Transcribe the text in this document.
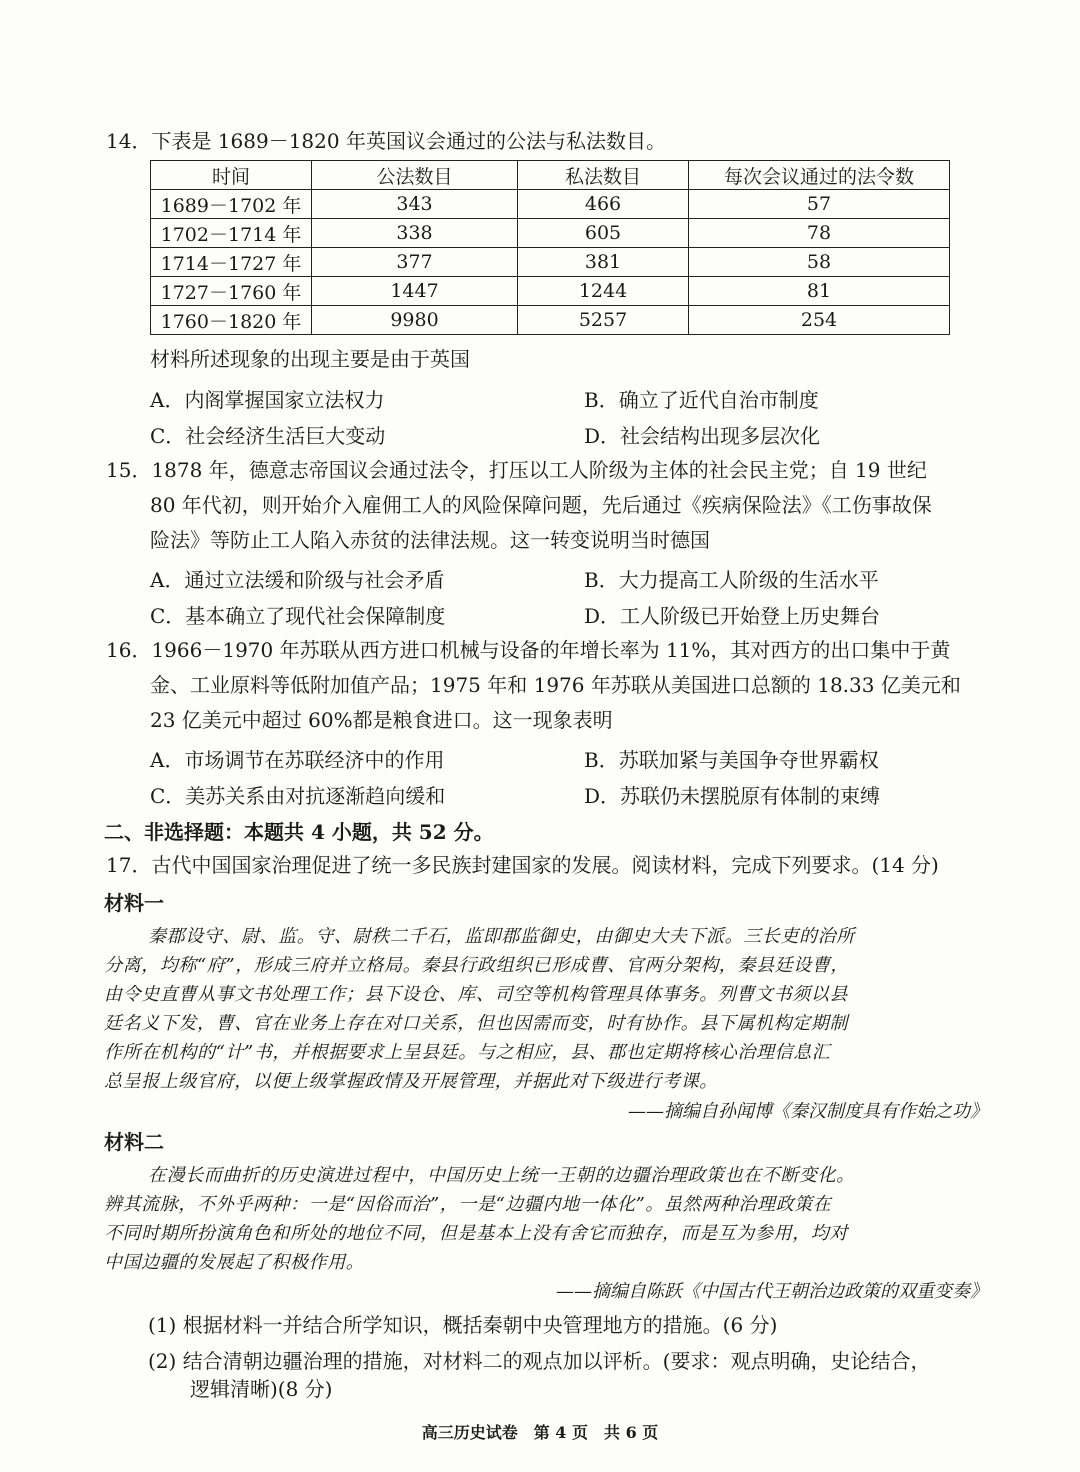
14．下表是 1689－1820 年英国议会通过的公法与私法数目。
时间	公法数目	私法数目	每次会议通过的法令数
1689－1702 年	343	466	57
1702－1714 年	338	605	78
1714－1727 年	377	381	58
1727－1760 年	1447	1244	81
1760－1820 年	9980	5257	254
材料所述现象的出现主要是由于英国
A．内阁掌握国家立法权力	B．确立了近代自治市制度
C．社会经济生活巨大变动	D．社会结构出现多层次化
15．1878 年，德意志帝国议会通过法令，打压以工人阶级为主体的社会民主党；自 19 世纪
80 年代初，则开始介入雇佣工人的风险保障问题，先后通过《疾病保险法》《工伤事故保
险法》等防止工人陷入赤贫的法律法规。这一转变说明当时德国
A．通过立法缓和阶级与社会矛盾	B．大力提高工人阶级的生活水平
C．基本确立了现代社会保障制度	D．工人阶级已开始登上历史舞台
16．1966－1970 年苏联从西方进口机械与设备的年增长率为 11%，其对西方的出口集中于黄
金、工业原料等低附加值产品；1975 年和 1976 年苏联从美国进口总额的 18.33 亿美元和
23 亿美元中超过 60%都是粮食进口。这一现象表明
A．市场调节在苏联经济中的作用	B．苏联加紧与美国争夺世界霸权
C．美苏关系由对抗逐渐趋向缓和	D．苏联仍未摆脱原有体制的束缚
二、非选择题：本题共 4 小题，共 52 分。
17．古代中国国家治理促进了统一多民族封建国家的发展。阅读材料，完成下列要求。(14 分)
材料一
秦郡设守、尉、监。守、尉秩二千石，监即郡监御史，由御史大夫下派。三长吏的治所
分离，均称“府”，形成三府并立格局。秦县行政组织已形成曹、官两分架构，秦县廷设曹，
由令史直曹从事文书处理工作；县下设仓、库、司空等机构管理具体事务。列曹文书须以县
廷名义下发，曹、官在业务上存在对口关系，但也因需而变，时有协作。县下属机构定期制
作所在机构的“计”书，并根据要求上呈县廷。与之相应，县、郡也定期将核心治理信息汇
总呈报上级官府，以便上级掌握政情及开展管理，并据此对下级进行考课。
——摘编自孙闻博《秦汉制度具有作始之功》
材料二
在漫长而曲折的历史演进过程中，中国历史上统一王朝的边疆治理政策也在不断变化。
辨其流脉，不外乎两种：一是“因俗而治”，一是“边疆内地一体化”。虽然两种治理政策在
不同时期所扮演角色和所处的地位不同，但是基本上没有舍它而独存，而是互为参用，均对
中国边疆的发展起了积极作用。
——摘编自陈跃《中国古代王朝治边政策的双重变奏》
(1) 根据材料一并结合所学知识，概括秦朝中央管理地方的措施。(6 分)
(2) 结合清朝边疆治理的措施，对材料二的观点加以评析。(要求：观点明确，史论结合，
高三历史试卷　第 4 页　共 6 页
逻辑清晰)(8 分)
